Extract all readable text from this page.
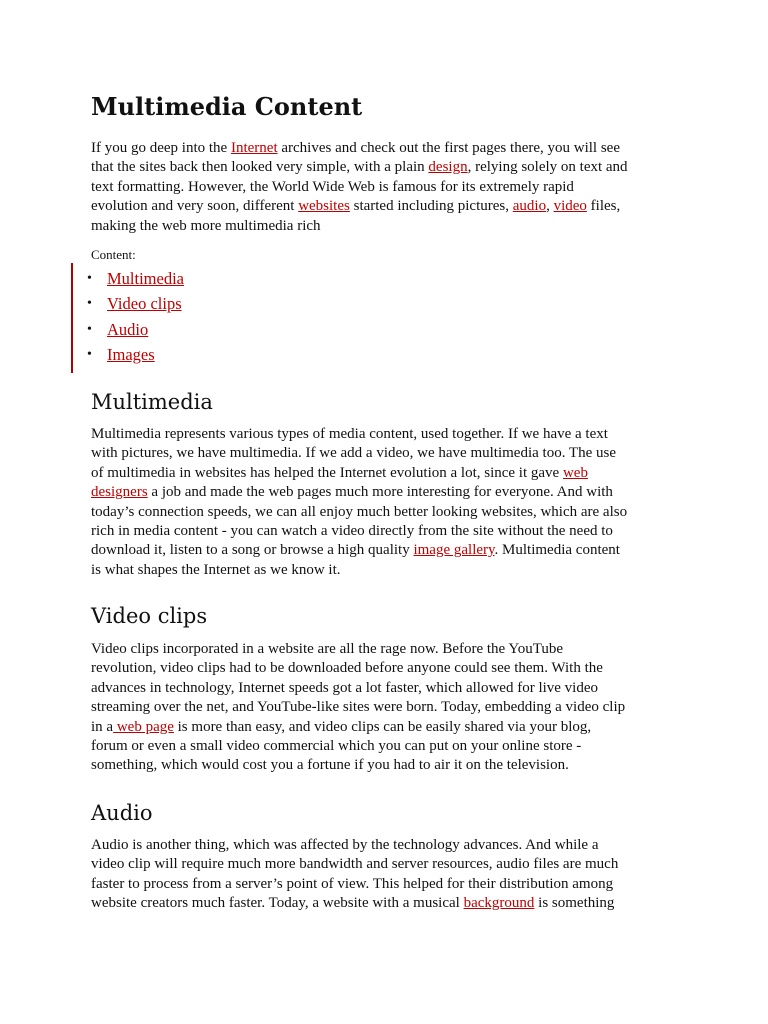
Multimedia Content

If you go deep into the Internet archives and check out the first pages there, you will see
that the sites back then looked very simple, with a plain design, relying solely on text and
text formatting. However, the World Wide Web is famous for its extremely rapid
evolution and very soon, different websites started including pictures, audio, video files,
making the web more multimedia rich

Content:

• Multimedia
• Video clips
• Audio
• Images
Multimedia

Multimedia represents various types of media content, used together. If we have a text
with pictures, we have multimedia. If we add a video, we have multimedia too. The use
of multimedia in websites has helped the Internet evolution a lot, since it gave web
designers a job and made the web pages much more interesting for everyone. And with
today’s connection speeds, we can all enjoy much better looking websites, which are also
rich in media content - you can watch a video directly from the site without the need to
download it, listen to a song or browse a high quality image gallery. Multimedia content
is what shapes the Internet as we know it.

Video clips

Video clips incorporated in a website are all the rage now. Before the YouTube
revolution, video clips had to be downloaded before anyone could see them. With the
advances in technology, Internet speeds got a lot faster, which allowed for live video
streaming over the net, and YouTube-like sites were born. Today, embedding a video clip
in a web page is more than easy, and video clips can be easily shared via your blog,
forum or even a small video commercial which you can put on your online store -
something, which would cost you a fortune if you had to air it on the television.

Audio

Audio is another thing, which was affected by the technology advances. And while a
video clip will require much more bandwidth and server resources, audio files are much
faster to process from a server’s point of view. This helped for their distribution among
website creators much faster. Today, a website with a musical background is something
